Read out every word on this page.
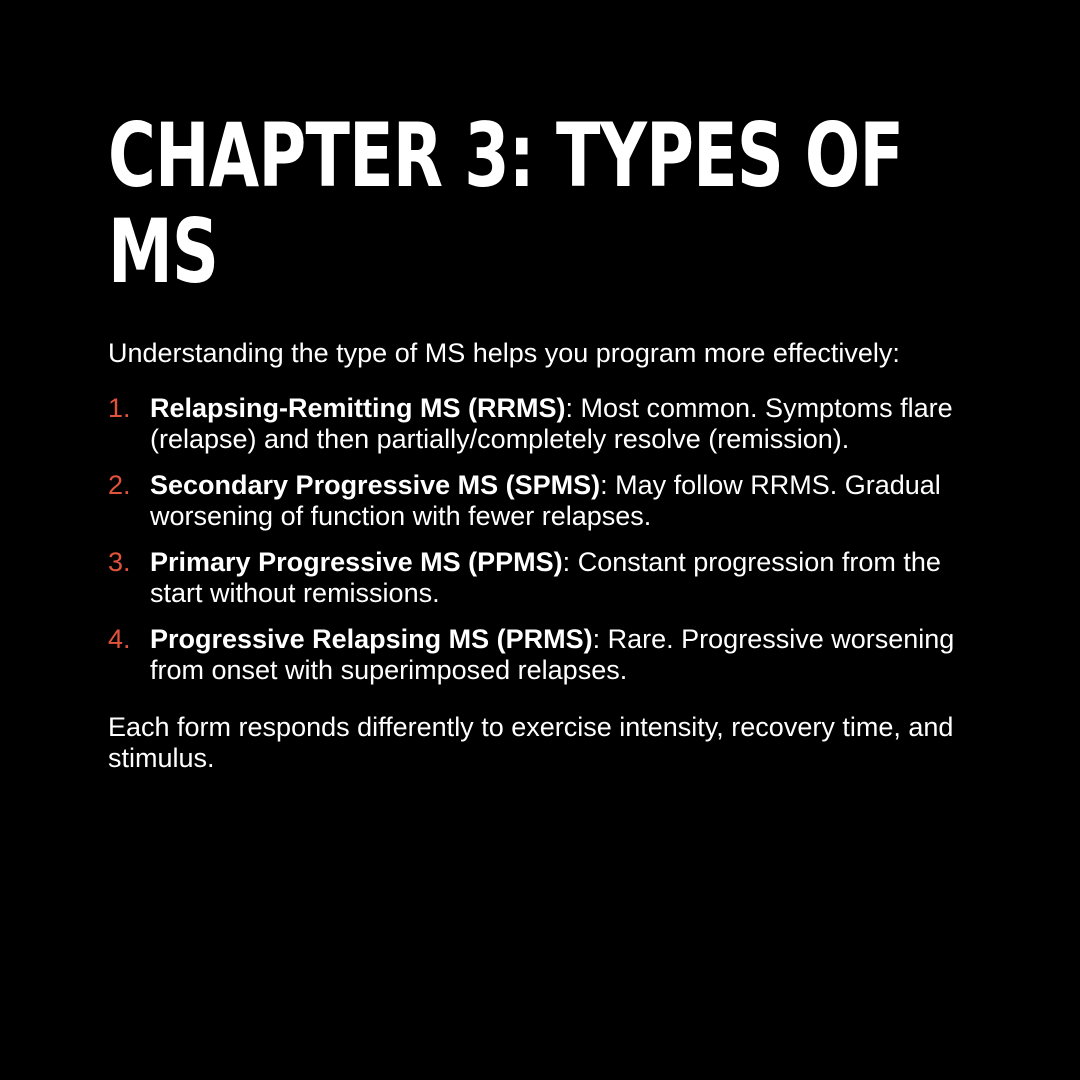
CHAPTER 3: TYPES OF MS

Understanding the type of MS helps you program more effectively:

1. Relapsing-Remitting MS (RRMS): Most common. Symptoms flare (relapse) and then partially/completely resolve (remission).
2. Secondary Progressive MS (SPMS): May follow RRMS. Gradual worsening of function with fewer relapses.
3. Primary Progressive MS (PPMS): Constant progression from the start without remissions.
4. Progressive Relapsing MS (PRMS): Rare. Progressive worsening from onset with superimposed relapses.

Each form responds differently to exercise intensity, recovery time, and stimulus.
